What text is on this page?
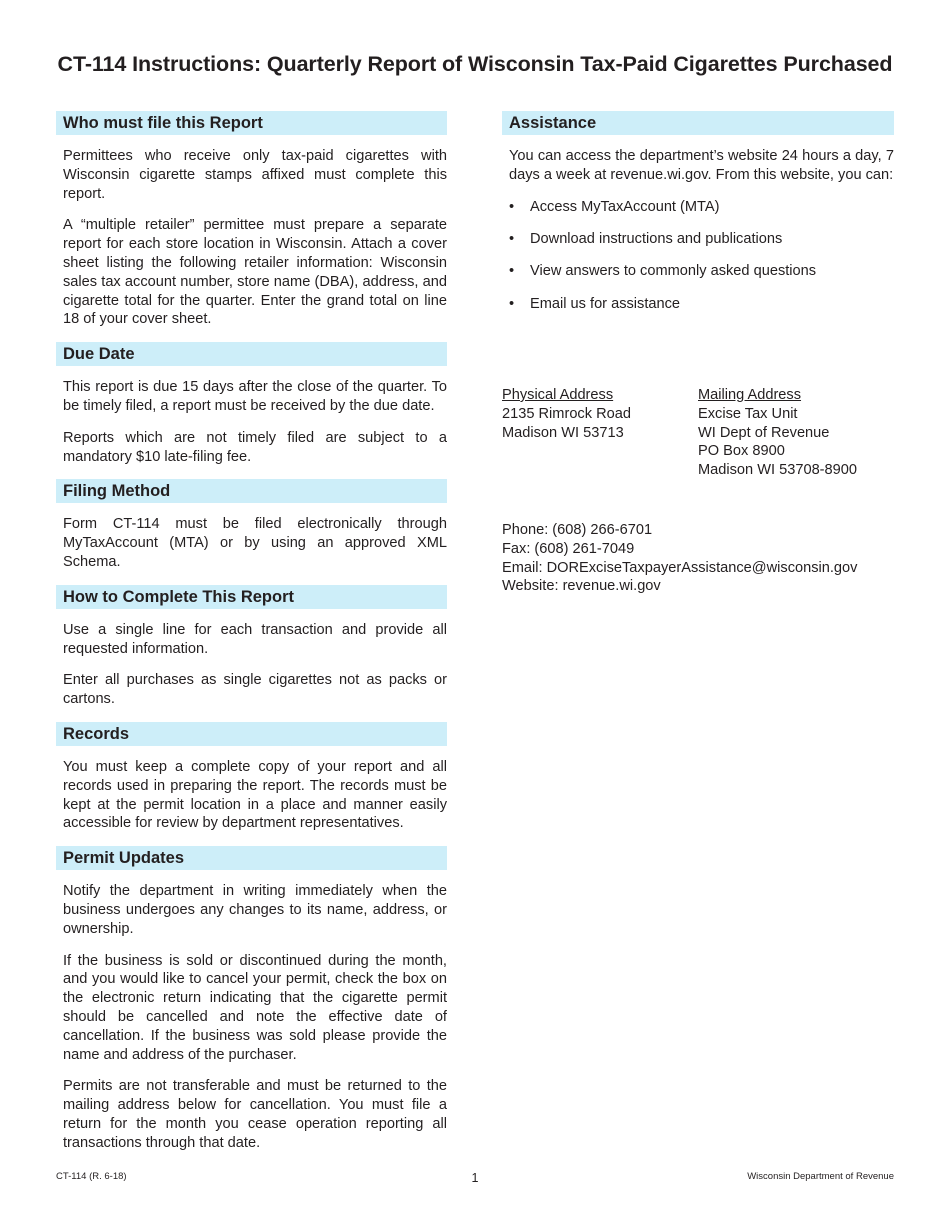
CT-114 Instructions: Quarterly Report of Wisconsin Tax-Paid Cigarettes Purchased
Who must file this Report

Permittees who receive only tax-paid cigarettes with Wisconsin cigarette stamps affixed must complete this report.

A “multiple retailer” permittee must prepare a separate report for each store location in Wisconsin. Attach a cover sheet listing the following retailer information: Wisconsin sales tax account number, store name (DBA), address, and cigarette total for the quarter. Enter the grand total on line 18 of your cover sheet.

Due Date

This report is due 15 days after the close of the quarter. To be timely filed, a report must be received by the due date.

Reports which are not timely filed are subject to a mandatory $10 late-filing fee.

Filing Method

Form CT-114 must be filed electronically through MyTaxAccount (MTA) or by using an approved XML Schema.

How to Complete This Report

Use a single line for each transaction and provide all requested information.

Enter all purchases as single cigarettes not as packs or cartons.

Records

You must keep a complete copy of your report and all records used in preparing the report. The records must be kept at the permit location in a place and manner easily accessible for review by department representatives.

Permit Updates

Notify the department in writing immediately when the business undergoes any changes to its name, address, or ownership.

If the business is sold or discontinued during the month, and you would like to cancel your permit, check the box on the electronic return indicating that the cigarette permit should be cancelled and note the effective date of cancellation. If the business was sold please provide the name and address of the purchaser.

Permits are not transferable and must be returned to the mailing address below for cancellation. You must file a return for the month you cease operation reporting all transactions through that date.

Assistance

You can access the department’s website 24 hours a day, 7 days a week at revenue.wi.gov. From this website, you can:

• Access MyTaxAccount (MTA)
• Download instructions and publications
• View answers to commonly asked questions
• Email us for assistance
Physical Address
2135 Rimrock Road
Madison WI 53713
Mailing Address
Excise Tax Unit
WI Dept of Revenue
PO Box 8900
Madison WI 53708-8900
Phone: (608) 266-6701
Fax: (608) 261-7049
Email: DORExciseTaxpayerAssistance@wisconsin.gov
Website: revenue.wi.gov
CT-114 (R. 6-18)	1	Wisconsin Department of Revenue
